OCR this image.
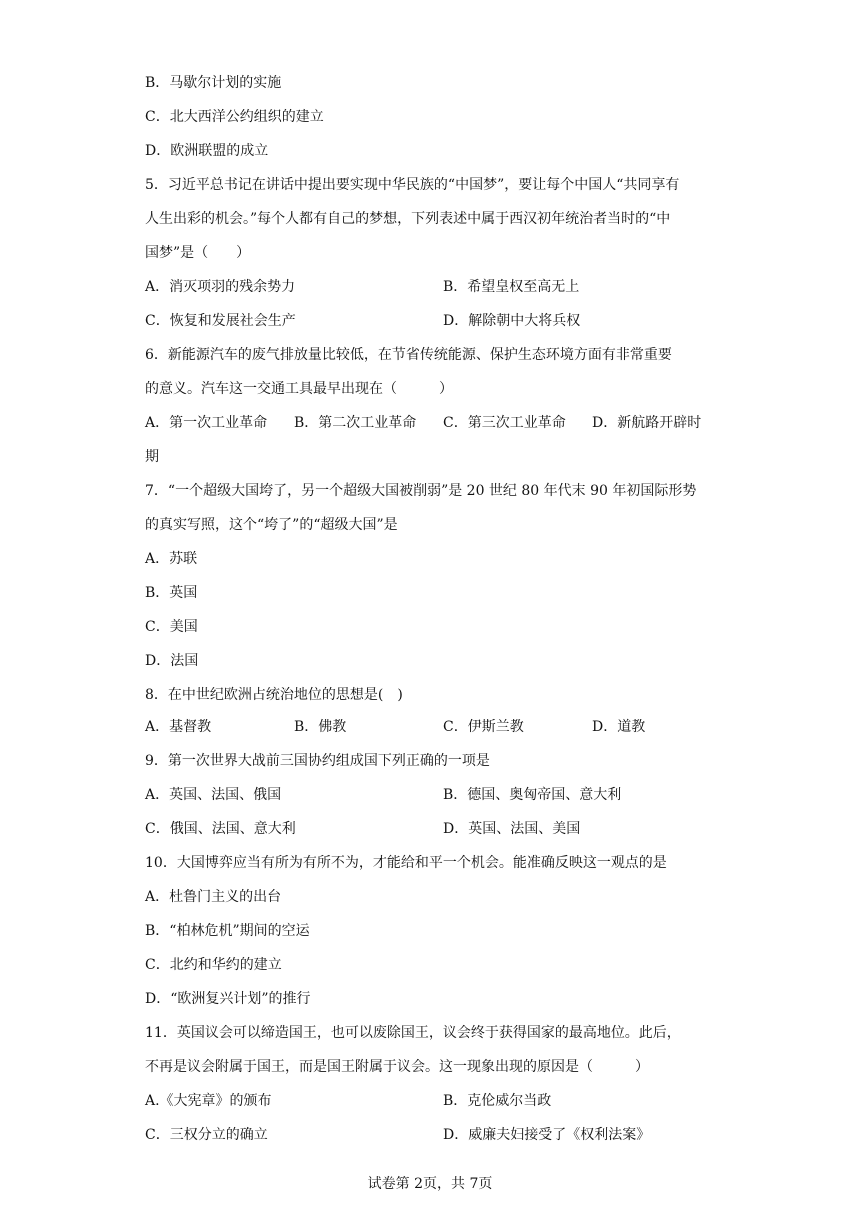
B．马歇尔计划的实施
C．北大西洋公约组织的建立
D．欧洲联盟的成立
5．习近平总书记在讲话中提出要实现中华民族的“中国梦”，要让每个中国人“共同享有
人生出彩的机会。”每个人都有自己的梦想，下列表述中属于西汉初年统治者当时的“中
国梦”是（　　）
A．消灭项羽的残余势力	B．希望皇权至高无上
C．恢复和发展社会生产	D．解除朝中大将兵权
6．新能源汽车的废气排放量比较低，在节省传统能源、保护生态环境方面有非常重要
的意义。汽车这一交通工具最早出现在（　　　）
A．第一次工业革命 B．第二次工业革命 C．第三次工业革命 D．新航路开辟时
期
7．“一个超级大国垮了，另一个超级大国被削弱”是 20 世纪 80 年代末 90 年初国际形势
的真实写照，这个“垮了”的“超级大国”是
A．苏联
B．英国
C．美国
D．法国
8．在中世纪欧洲占统治地位的思想是(　)
A．基督教	B．佛教	C．伊斯兰教	D．道教
9．第一次世界大战前三国协约组成国下列正确的一项是
A．英国、法国、俄国	B．德国、奥匈帝国、意大利
C．俄国、法国、意大利	D．英国、法国、美国
10．大国博弈应当有所为有所不为，才能给和平一个机会。能准确反映这一观点的是
A．杜鲁门主义的出台
B．“柏林危机”期间的空运
C．北约和华约的建立
D．“欧洲复兴计划”的推行
11．英国议会可以缔造国王，也可以废除国王，议会终于获得国家的最高地位。此后，
不再是议会附属于国王，而是国王附属于议会。这一现象出现的原因是（　　　）
A.《大宪章》的颁布	B．克伦威尔当政
C．三权分立的确立	D．威廉夫妇接受了《权利法案》
试卷第 2页，共 7页
